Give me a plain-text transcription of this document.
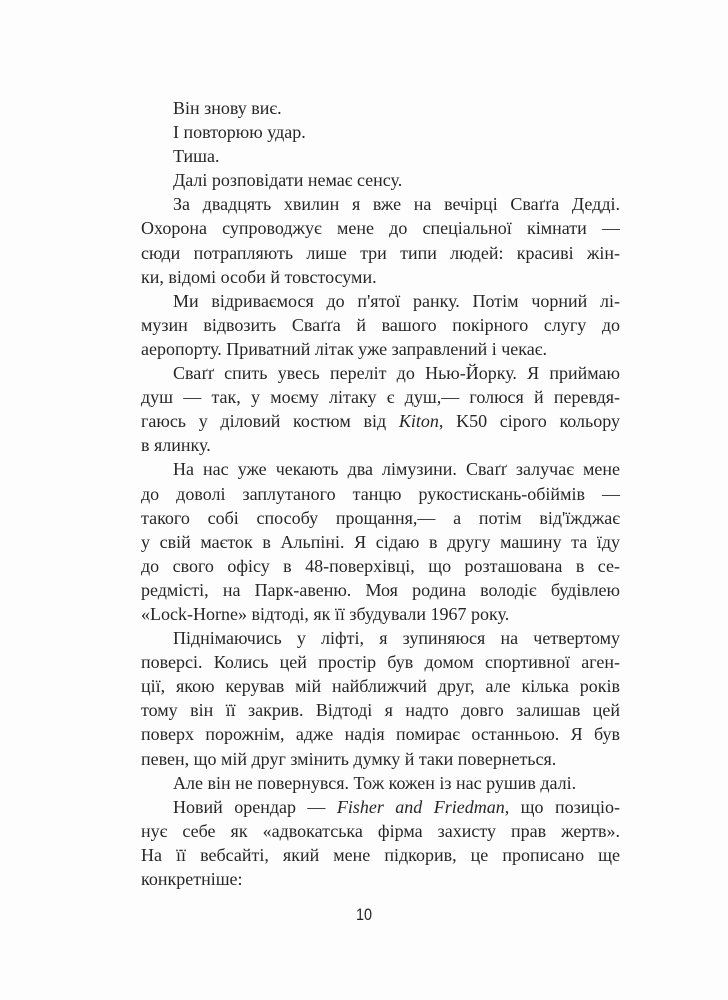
Він знову виє.
І повторюю удар.
Тиша.
Далі розповідати немає сенсу.
За двадцять хвилин я вже на вечірці Сваґґа Дедді.
Охорона супроводжує мене до спеціальної кімнати —
сюди потрапляють лише три типи людей: красиві жін-
ки, відомі особи й товстосуми.
Ми відриваємося до п'ятої ранку. Потім чорний лі-
музин відвозить Сваґґа й вашого покірного слугу до
аеропорту. Приватний літак уже заправлений і чекає.
Сваґґ спить увесь переліт до Нью-Йорку. Я приймаю
душ — так, у моєму літаку є душ,— голюся й перевдя-
гаюсь у діловий костюм від Kiton, K50 сірого кольору
в ялинку.
На нас уже чекають два лімузини. Сваґґ залучає мене
до доволі заплутаного танцю рукостискань-обіймів —
такого собі способу прощання,— а потім від'їжджає
у свій маєток в Альпіні. Я сідаю в другу машину та їду
до свого офісу в 48-поверхівці, що розташована в се-
редмісті, на Парк-авеню. Моя родина володіє будівлею
«Lock-Horne» відтоді, як її збудували 1967 року.
Піднімаючись у ліфті, я зупиняюся на четвертому
поверсі. Колись цей простір був домом спортивної аген-
ції, якою керував мій найближчий друг, але кілька років
тому він її закрив. Відтоді я надто довго залишав цей
поверх порожнім, адже надія помирає останньою. Я був
певен, що мій друг змінить думку й таки повернеться.
Але він не повернувся. Тож кожен із нас рушив далі.
Новий орендар — Fisher and Friedman, що позиціо-
нує себе як «адвокатська фірма захисту прав жертв».
На її вебсайті, який мене підкорив, це прописано ще
конкретніше:
10
